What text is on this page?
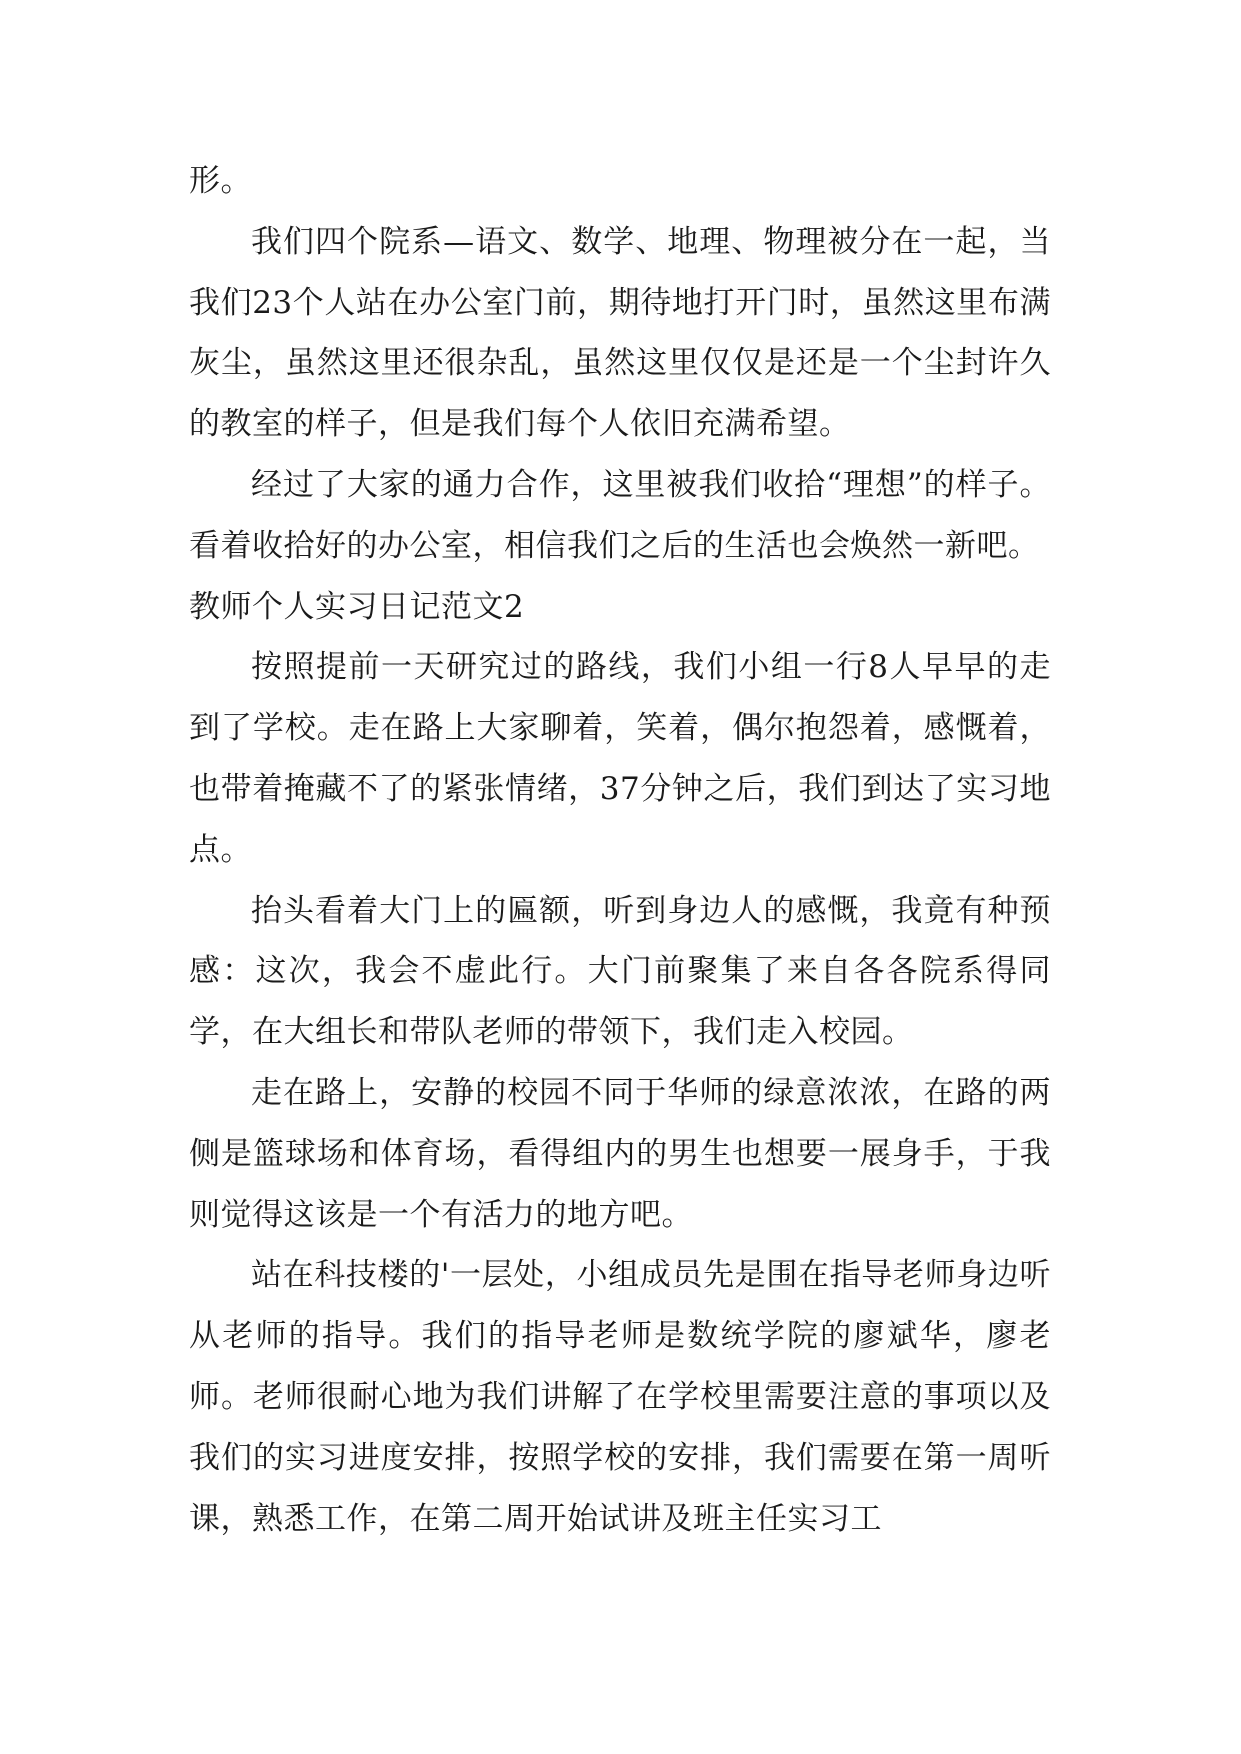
形。

我们四个院系—语文、数学、地理、物理被分在一起，当我们23个人站在办公室门前，期待地打开门时，虽然这里布满灰尘，虽然这里还很杂乱，虽然这里仅仅是还是一个尘封许久的教室的样子，但是我们每个人依旧充满希望。

经过了大家的通力合作，这里被我们收拾“理想”的样子。看着收拾好的办公室，相信我们之后的生活也会焕然一新吧。

教师个人实习日记范文2

按照提前一天研究过的路线，我们小组一行8人早早的走到了学校。走在路上大家聊着，笑着，偶尔抱怨着，感慨着，也带着掩藏不了的紧张情绪，37分钟之后，我们到达了实习地点。

抬头看着大门上的匾额，听到身边人的感慨，我竟有种预感：这次，我会不虚此行。大门前聚集了来自各各院系得同学，在大组长和带队老师的带领下，我们走入校园。

走在路上，安静的校园不同于华师的绿意浓浓，在路的两侧是篮球场和体育场，看得组内的男生也想要一展身手，于我则觉得这该是一个有活力的地方吧。

站在科技楼的'一层处，小组成员先是围在指导老师身边听从老师的指导。我们的指导老师是数统学院的廖斌华，廖老师。老师很耐心地为我们讲解了在学校里需要注意的事项以及我们的实习进度安排，按照学校的安排，我们需要在第一周听课，熟悉工作，在第二周开始试讲及班主任实习工
